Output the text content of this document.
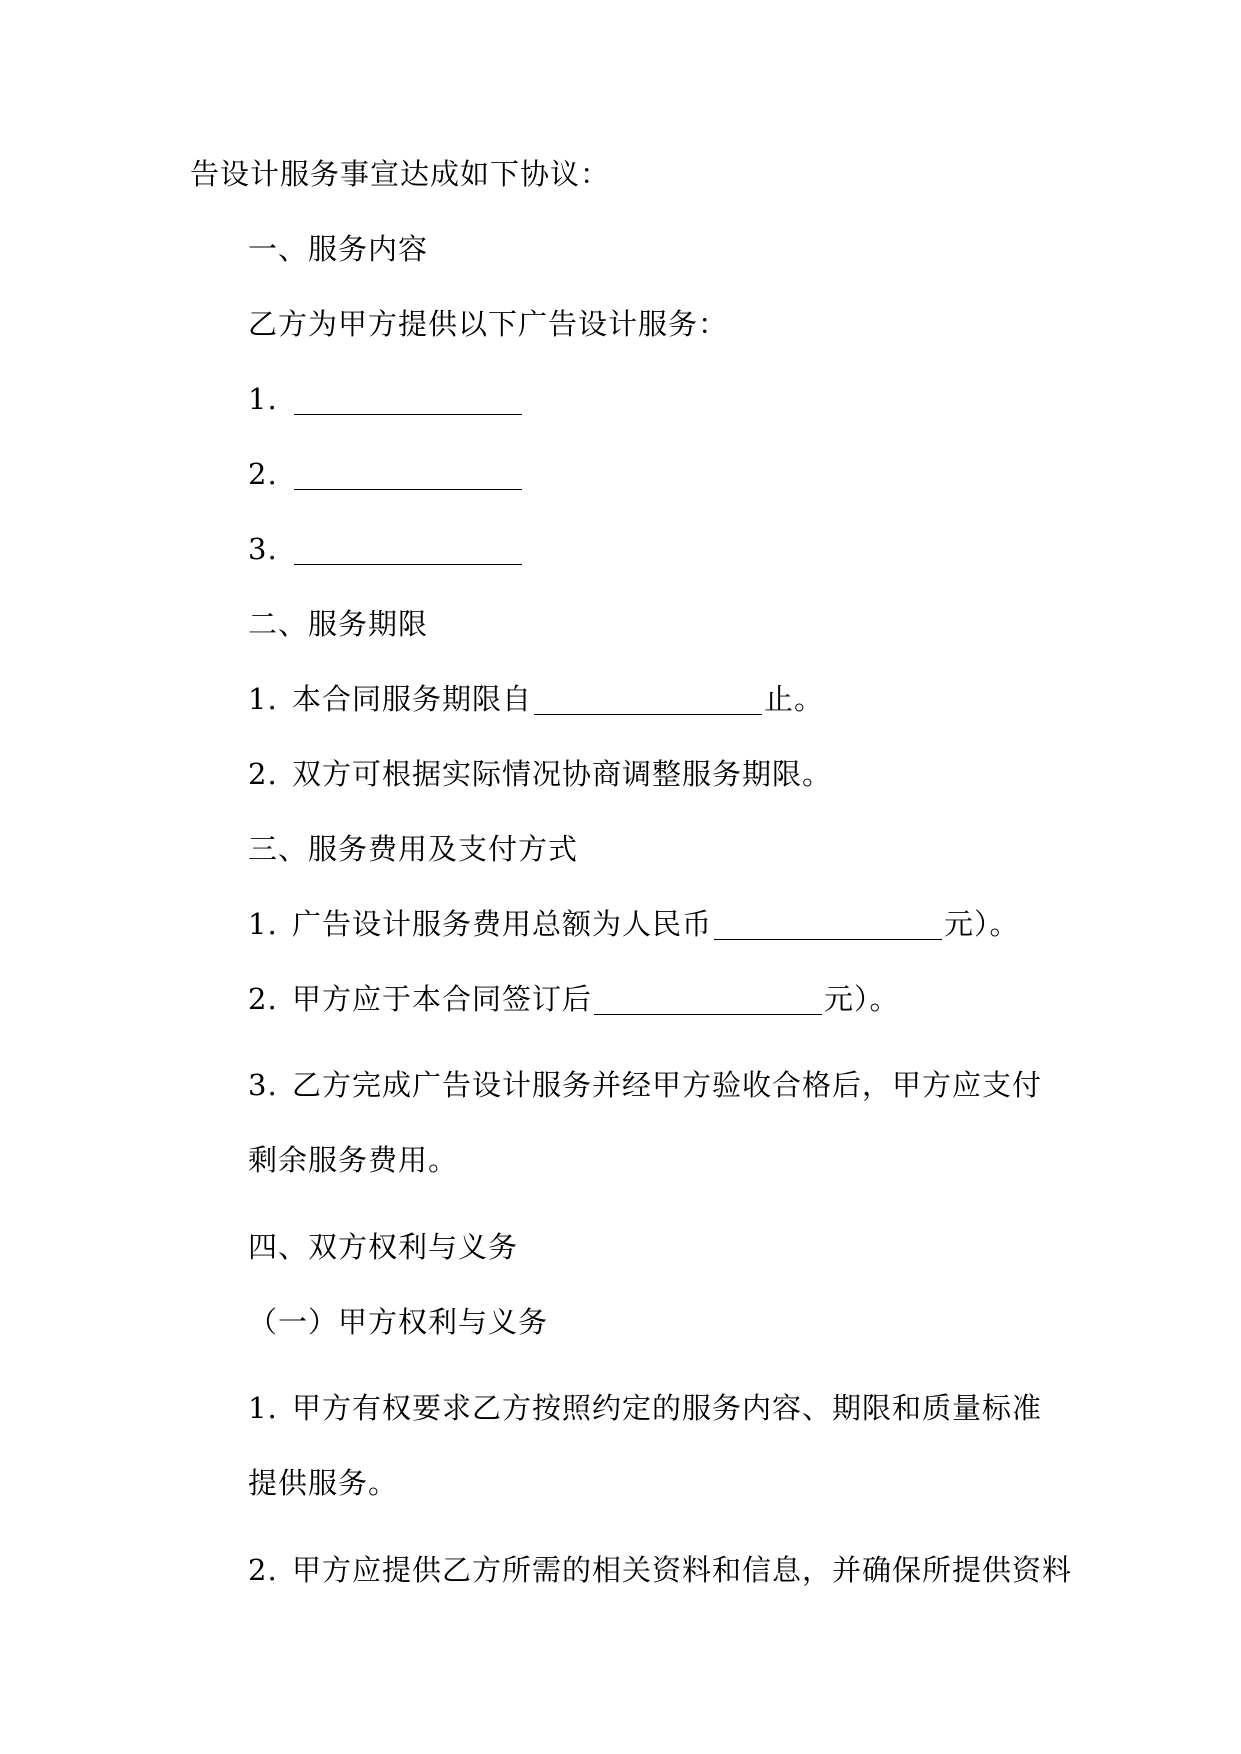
告设计服务事宣达成如下协议：

一、服务内容

乙方为甲方提供以下广告设计服务：

1.

2.

3.

二、服务期限

1. 本合同服务期限自	止。

2. 双方可根据实际情况协商调整服务期限。

三、服务费用及支付方式

1. 广告设计服务费用总额为人民币	元）。

2. 甲方应于本合同签订后	元）。

3. 乙方完成广告设计服务并经甲方验收合格后，甲方应支付剩余服务费用。

四、双方权利与义务

（一）甲方权利与义务

1. 甲方有权要求乙方按照约定的服务内容、期限和质量标准提供服务。

2. 甲方应提供乙方所需的相关资料和信息，并确保所提供资料
